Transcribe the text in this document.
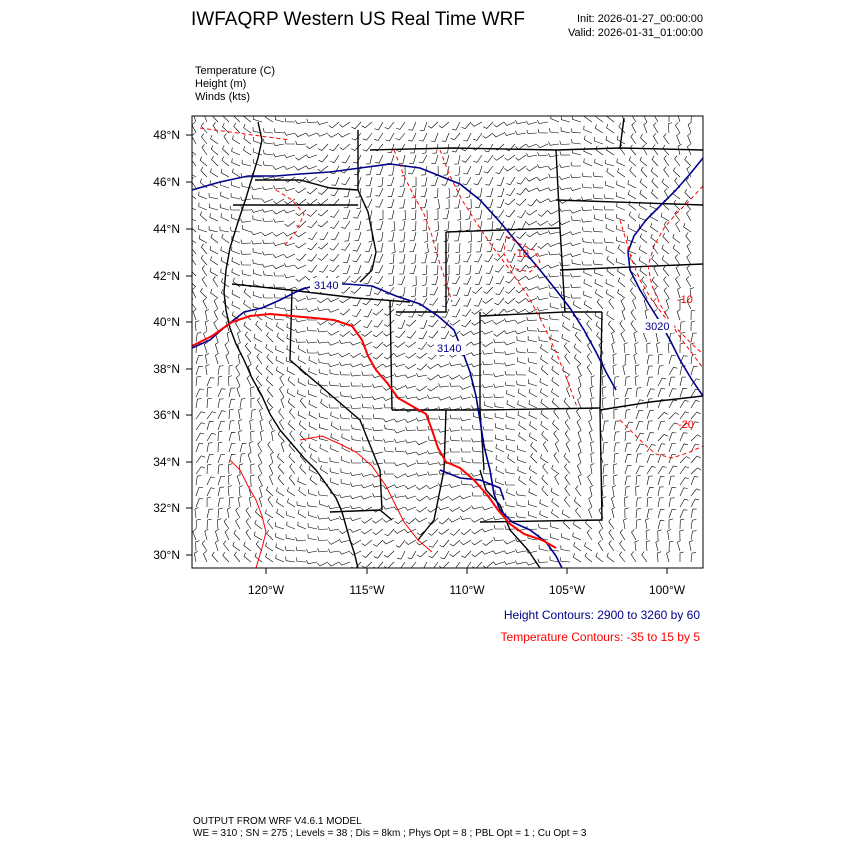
IWFAQRP Western US Real Time WRF	Init: 2026-01-27_00:00:00
Valid: 2026-01-31_01:00:00
Temperature (C)
Height (m)
Winds (kts)
3140
3140
3020
-10
-10
-20
48°N
46°N
44°N
42°N
40°N
38°N
36°N
34°N
32°N
30°N
120°W	115°W	110°W	105°W	100°W
Height Contours: 2900 to 3260 by 60
Temperature Contours: -35 to 15 by 5
OUTPUT FROM WRF V4.6.1 MODEL
WE = 310 ; SN = 275 ; Levels = 38 ; Dis = 8km ; Phys Opt = 8 ; PBL Opt = 1 ; Cu Opt = 3
